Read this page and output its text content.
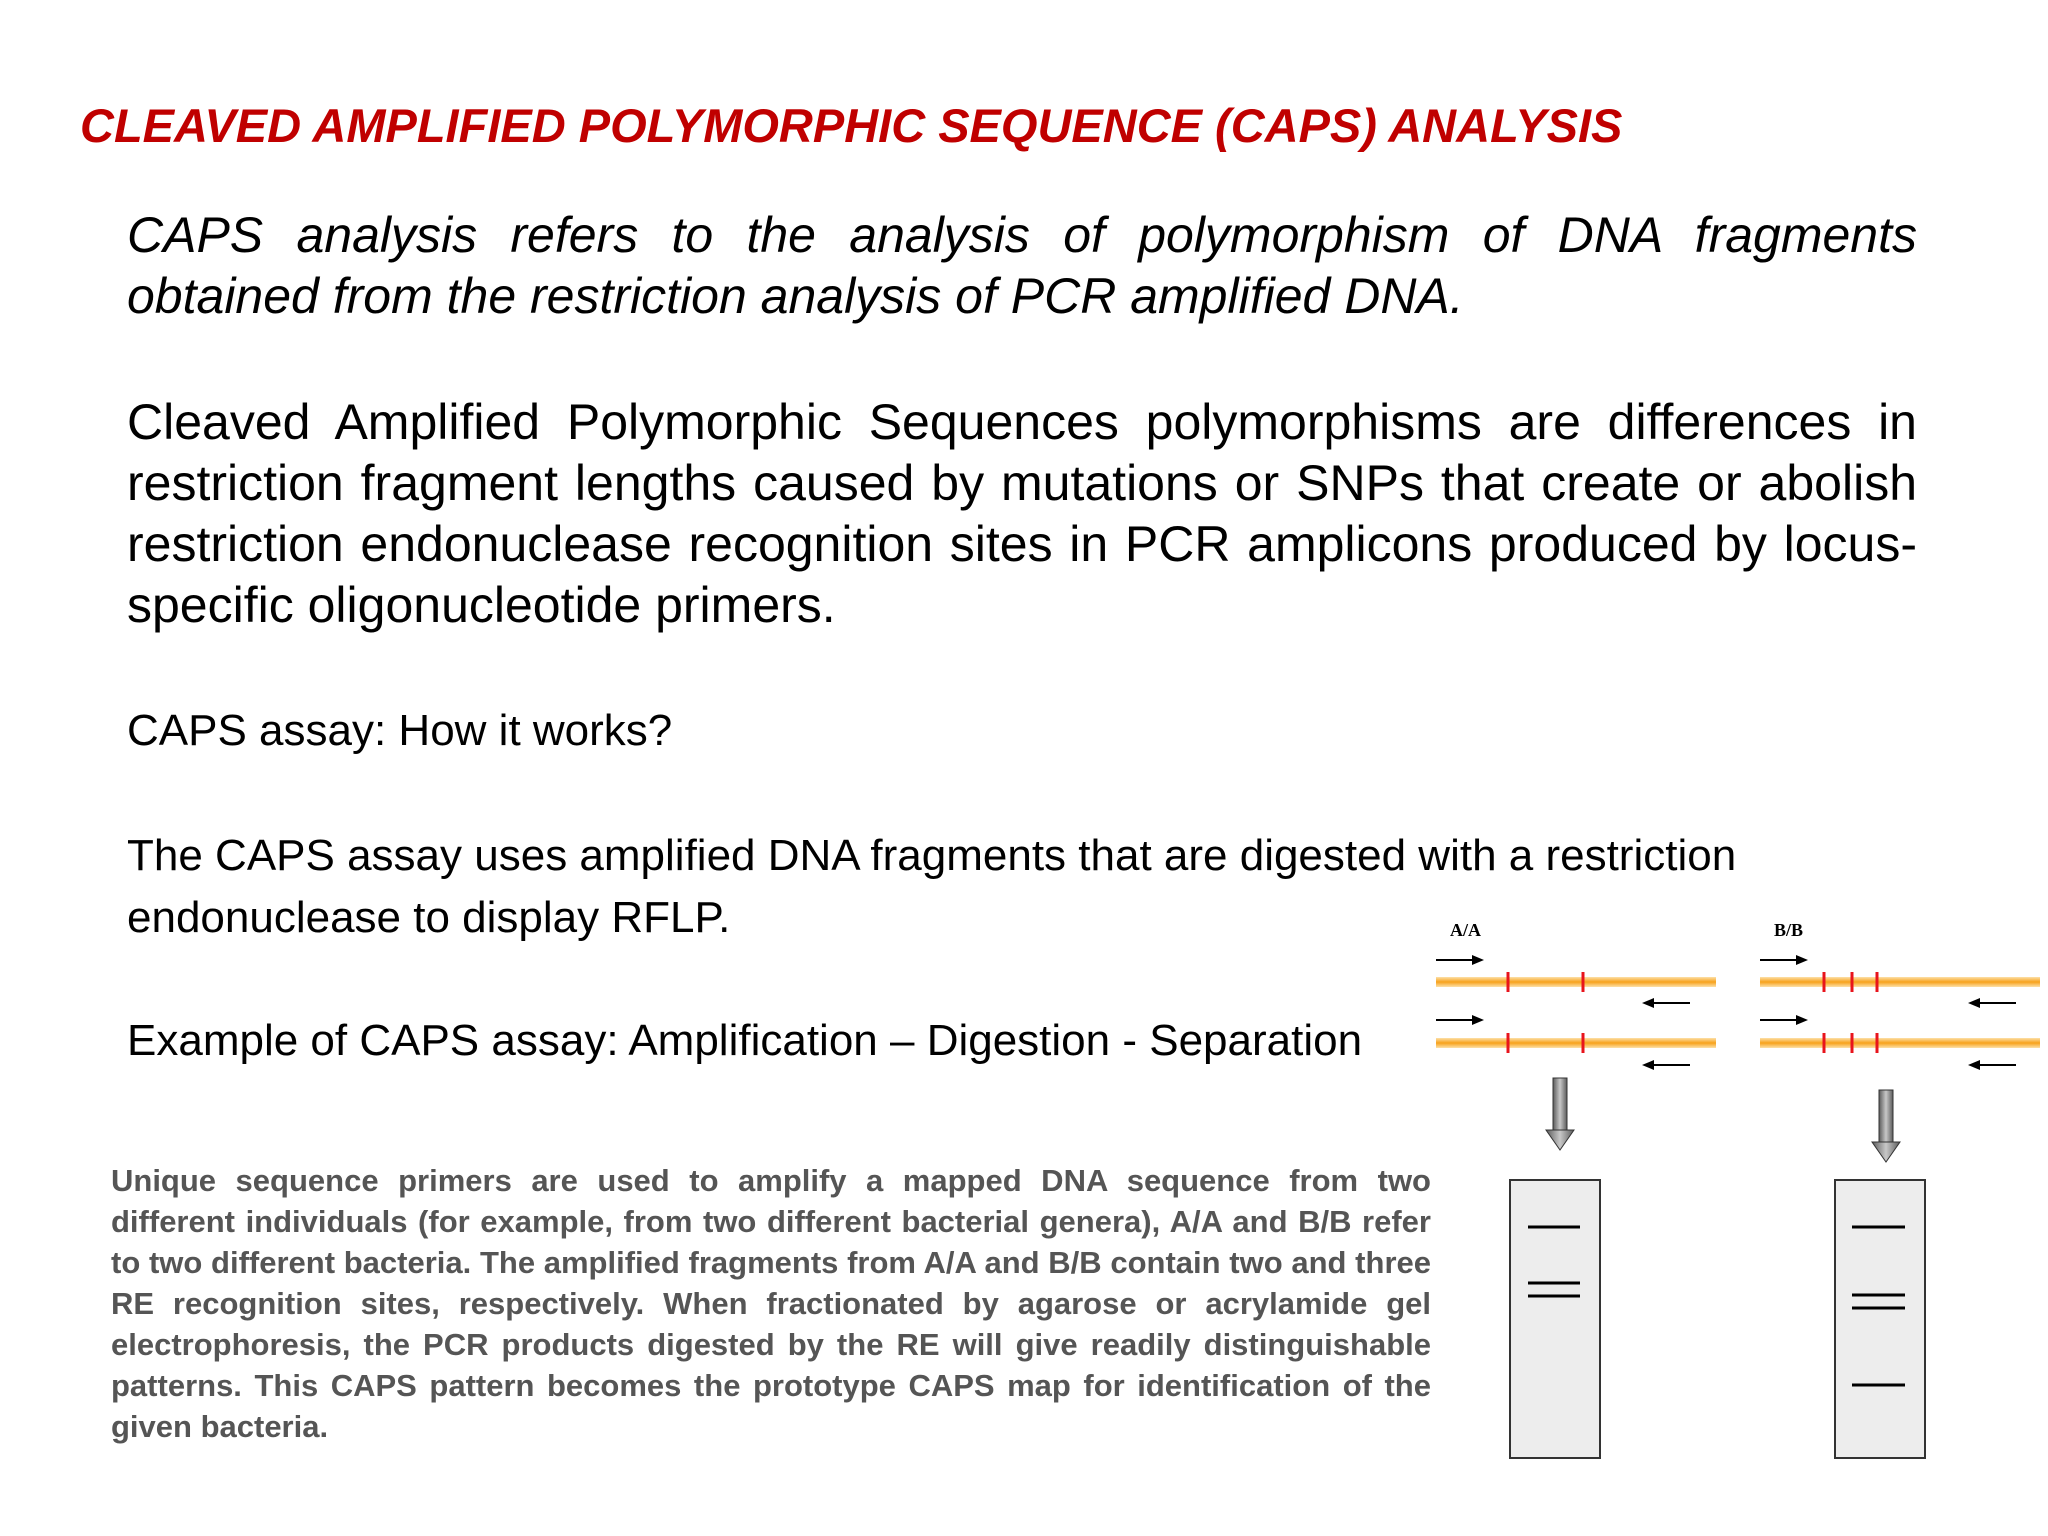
CLEAVED AMPLIFIED POLYMORPHIC SEQUENCE (CAPS) ANALYSIS
CAPS analysis refers to the analysis of polymorphism of DNA fragments obtained from the restriction analysis of PCR amplified DNA.
Cleaved Amplified Polymorphic Sequences polymorphisms are differences in restriction fragment lengths caused by mutations or SNPs that create or abolish restriction endonuclease recognition sites in PCR amplicons produced by locus-specific oligonucleotide primers.
CAPS assay: How it works?
The CAPS assay uses amplified DNA fragments that are digested with a restriction endonuclease to display RFLP.
Example of CAPS assay: Amplification – Digestion - Separation
Unique sequence primers are used to amplify a mapped DNA sequence from two different individuals (for example, from two different bacterial genera), A/A and B/B refer to two different bacteria. The amplified fragments from A/A and B/B contain two and three RE recognition sites, respectively. When fractionated by agarose or acrylamide gel electrophoresis, the PCR products digested by the RE will give readily distinguishable patterns. This CAPS pattern becomes the prototype CAPS map for identification of the given bacteria.
A/A	B/B
